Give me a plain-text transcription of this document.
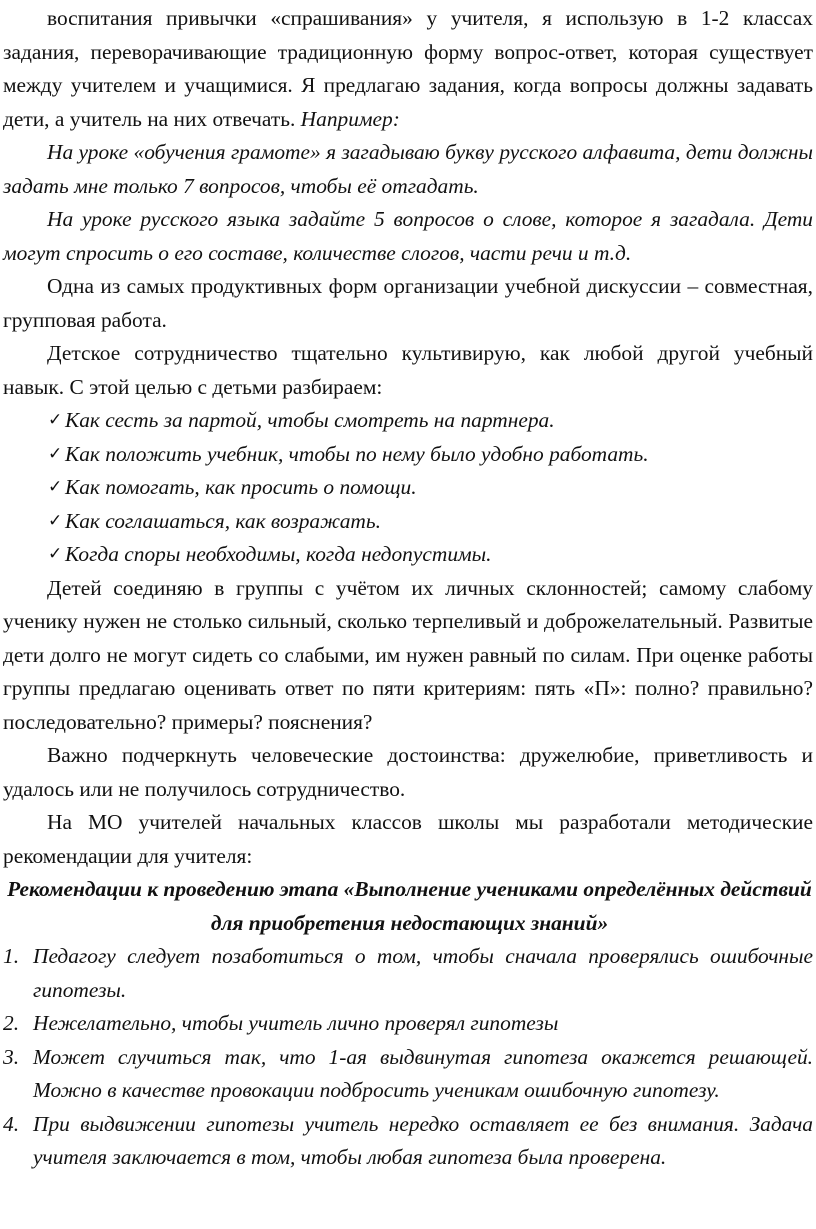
воспитания привычки «спрашивания» у учителя, я использую в 1-2 классах задания, переворачивающие традиционную форму вопрос-ответ, которая существует между учителем и учащимися. Я предлагаю задания, когда вопросы должны задавать дети, а учитель на них отвечать. Например:

На уроке «обучения грамоте» я загадываю букву русского алфавита, дети должны задать мне только 7 вопросов, чтобы её отгадать.

На уроке русского языка задайте 5 вопросов о слове, которое я загадала. Дети могут спросить о его составе, количестве слогов, части речи и т.д.

Одна из самых продуктивных форм организации учебной дискуссии – совместная, групповая работа.

Детское сотрудничество тщательно культивирую, как любой другой учебный навык. С этой целью с детьми разбираем:

✓ Как сесть за партой, чтобы смотреть на партнера.
✓ Как положить учебник, чтобы по нему было удобно работать.
✓ Как помогать, как просить о помощи.
✓ Как соглашаться, как возражать.
✓ Когда споры необходимы, когда недопустимы.

Детей соединяю в группы с учётом их личных склонностей; самому слабому ученику нужен не столько сильный, сколько терпеливый и доброжелательный. Развитые дети долго не могут сидеть со слабыми, им нужен равный по силам. При оценке работы группы предлагаю оценивать ответ по пяти критериям: пять «П»: полно? правильно? последовательно? примеры? пояснения?

Важно подчеркнуть человеческие достоинства: дружелюбие, приветливость и удалось или не получилось сотрудничество.

На МО учителей начальных классов школы мы разработали методические рекомендации для учителя:

Рекомендации к проведению этапа «Выполнение учениками определённых действий для приобретения недостающих знаний»

1. Педагогу следует позаботиться о том, чтобы сначала проверялись ошибочные гипотезы.
2. Нежелательно, чтобы учитель лично проверял гипотезы
3. Может случиться так, что 1-ая выдвинутая гипотеза окажется решающей. Можно в качестве провокации подбросить ученикам ошибочную гипотезу.
4. При выдвижении гипотезы учитель нередко оставляет ее без внимания. Задача учителя заключается в том, чтобы любая гипотеза была проверена.
